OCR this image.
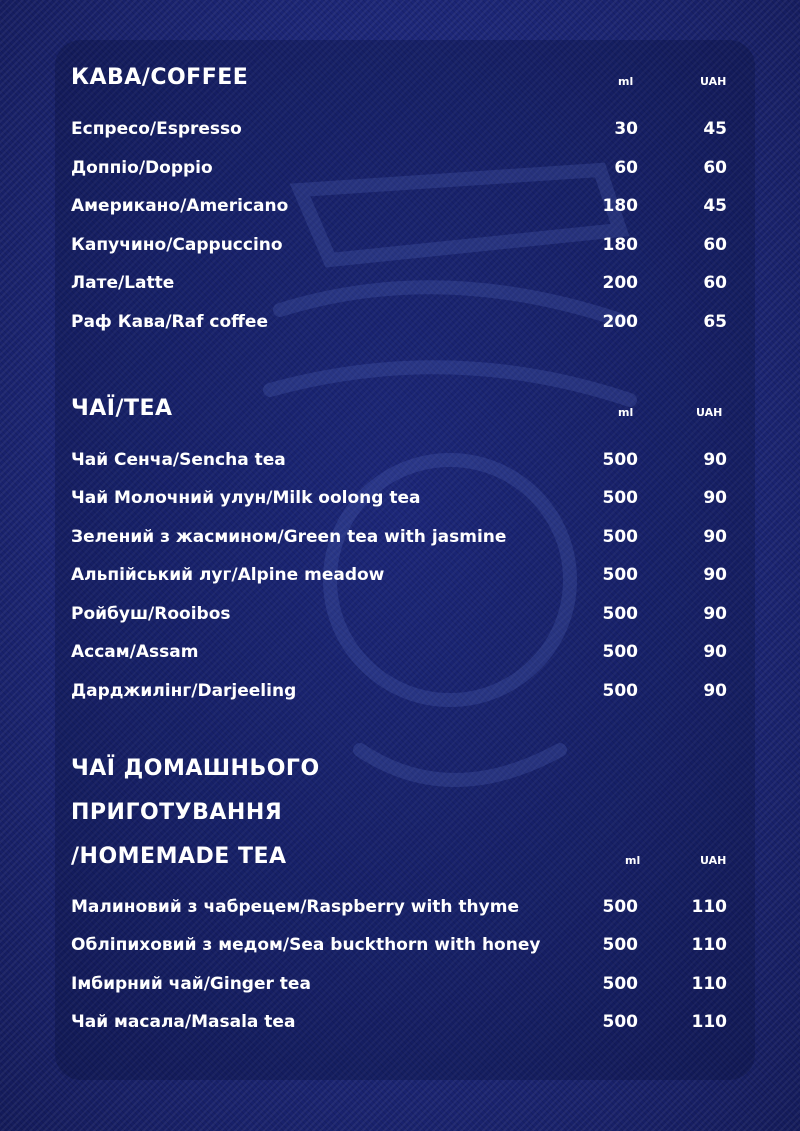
КАВА/COFFEE	ml	UAH
Еспресо/Espresso	30	45
Доппіо/Doppio	60	60
Американо/Americano	180	45
Капучино/Cappuccino	180	60
Лате/Latte	200	60
Раф Кава/Raf coffee	200	65
ЧАЇ/TEA	ml	UAH
Чай Сенча/Sencha tea	500	90
Чай Молочний улун/Milk oolong tea	500	90
Зелений з жасмином/Green tea with jasmine	500	90
Альпійський луг/Alpine meadow	500	90
Ройбуш/Rooibos	500	90
Ассам/Assam	500	90
Дарджилінг/Darjeeling	500	90
ЧАЇ ДОМАШНЬОГО
ПРИГОТУВАННЯ
/HOMEMADE TEA	ml	UAH
Малиновий з чабрецем/Raspberry with thyme	500	110
Обліпиховий з медом/Sea buckthorn with honey	500	110
Імбирний чай/Ginger tea	500	110
Чай масала/Masala tea	500	110
